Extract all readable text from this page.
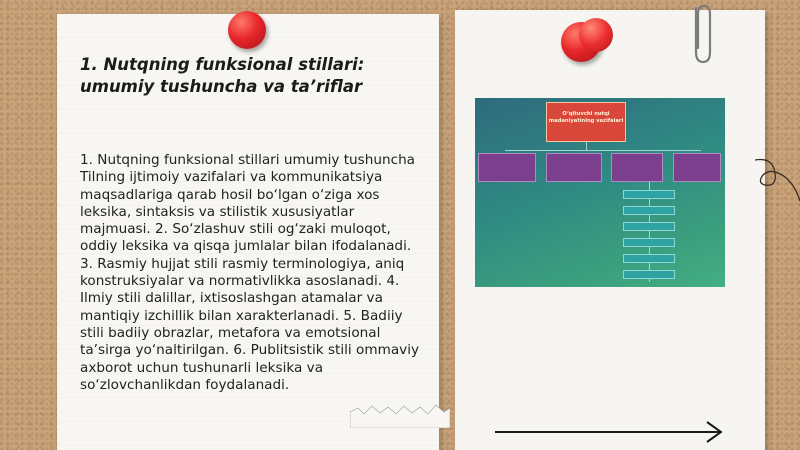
1. Nutqning funksional stillari: umumiy tushuncha va ta’riflar
1. Nutqning funksional stillari umumiy tushuncha Tilning ijtimoiy vazifalari va kommunikatsiya maqsadlariga qarab hosil bo‘lgan o‘ziga xos leksika, sintaksis va stilistik xususiyatlar majmuasi. 2. So‘zlashuv stili og‘zaki muloqot, oddiy leksika va qisqa jumlalar bilan ifodalanadi. 3. Rasmiy hujjat stili rasmiy terminologiya, aniq konstruksiyalar va normativlikka asoslanadi. 4. Ilmiy stili dalillar, ixtisoslashgan atamalar va mantiqiy izchillik bilan xarakterlanadi. 5. Badiiy stili badiiy obrazlar, metafora va emotsional ta’sirga yo‘naltirilgan. 6. Publitsistik stili ommaviy axborot uchun tushunarli leksika va so‘zlovchanlikdan foydalanadi.
O‘qituvchi nutqi madaniyatining vazifalari
